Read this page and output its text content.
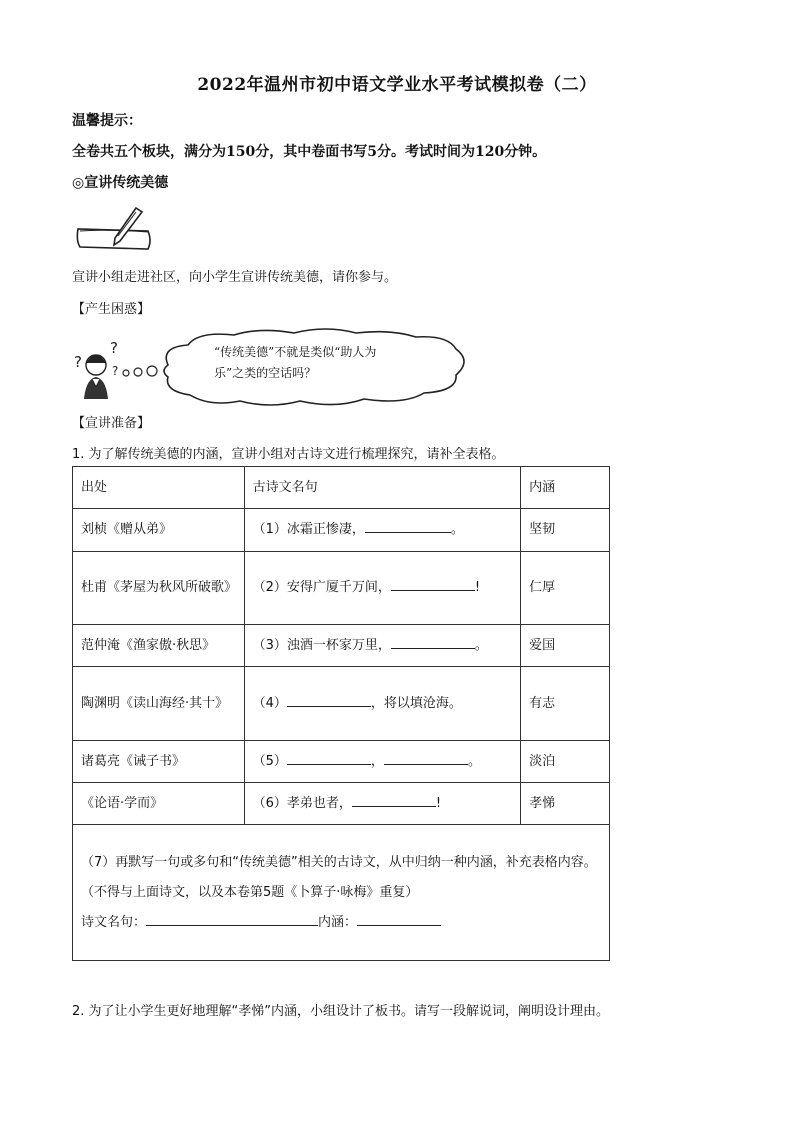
2022年温州市初中语文学业水平考试模拟卷（二）
温馨提示：
全卷共五个板块，满分为150分，其中卷面书写5分。考试时间为120分钟。
◎宣讲传统美德
宣讲小组走进社区，向小学生宣讲传统美德，请你参与。
【产生困惑】
?
?
?
“传统美德”不就是类似“助人为
乐”之类的空话吗？
【宣讲准备】
1. 为了解传统美德的内涵，宣讲小组对古诗文进行梳理探究，请补全表格。
出处	古诗文名句	内涵
刘桢《赠从弟》	（1）冰霜正惨凄， 。	坚韧
杜甫《茅屋为秋风所破歌》	（2）安得广厦千万间， !	仁厚
范仲淹《渔家傲·秋思》	（3）浊酒一杯家万里， 。	爱国
陶渊明《读山海经·其十》	（4） ，将以填沧海。	有志
诸葛亮《诫子书》	（5） ， 。	淡泊
《论语·学而》	（6）孝弟也者， !	孝悌

（7）再默写一句或多句和“传统美德”相关的古诗文，从中归纳一种内涵，补充表格内容。
（不得与上面诗文，以及本卷第5题《卜算子·咏梅》重复）
诗文名句： 内涵：		
2. 为了让小学生更好地理解“孝悌”内涵，小组设计了板书。请写一段解说词，阐明设计理由。
